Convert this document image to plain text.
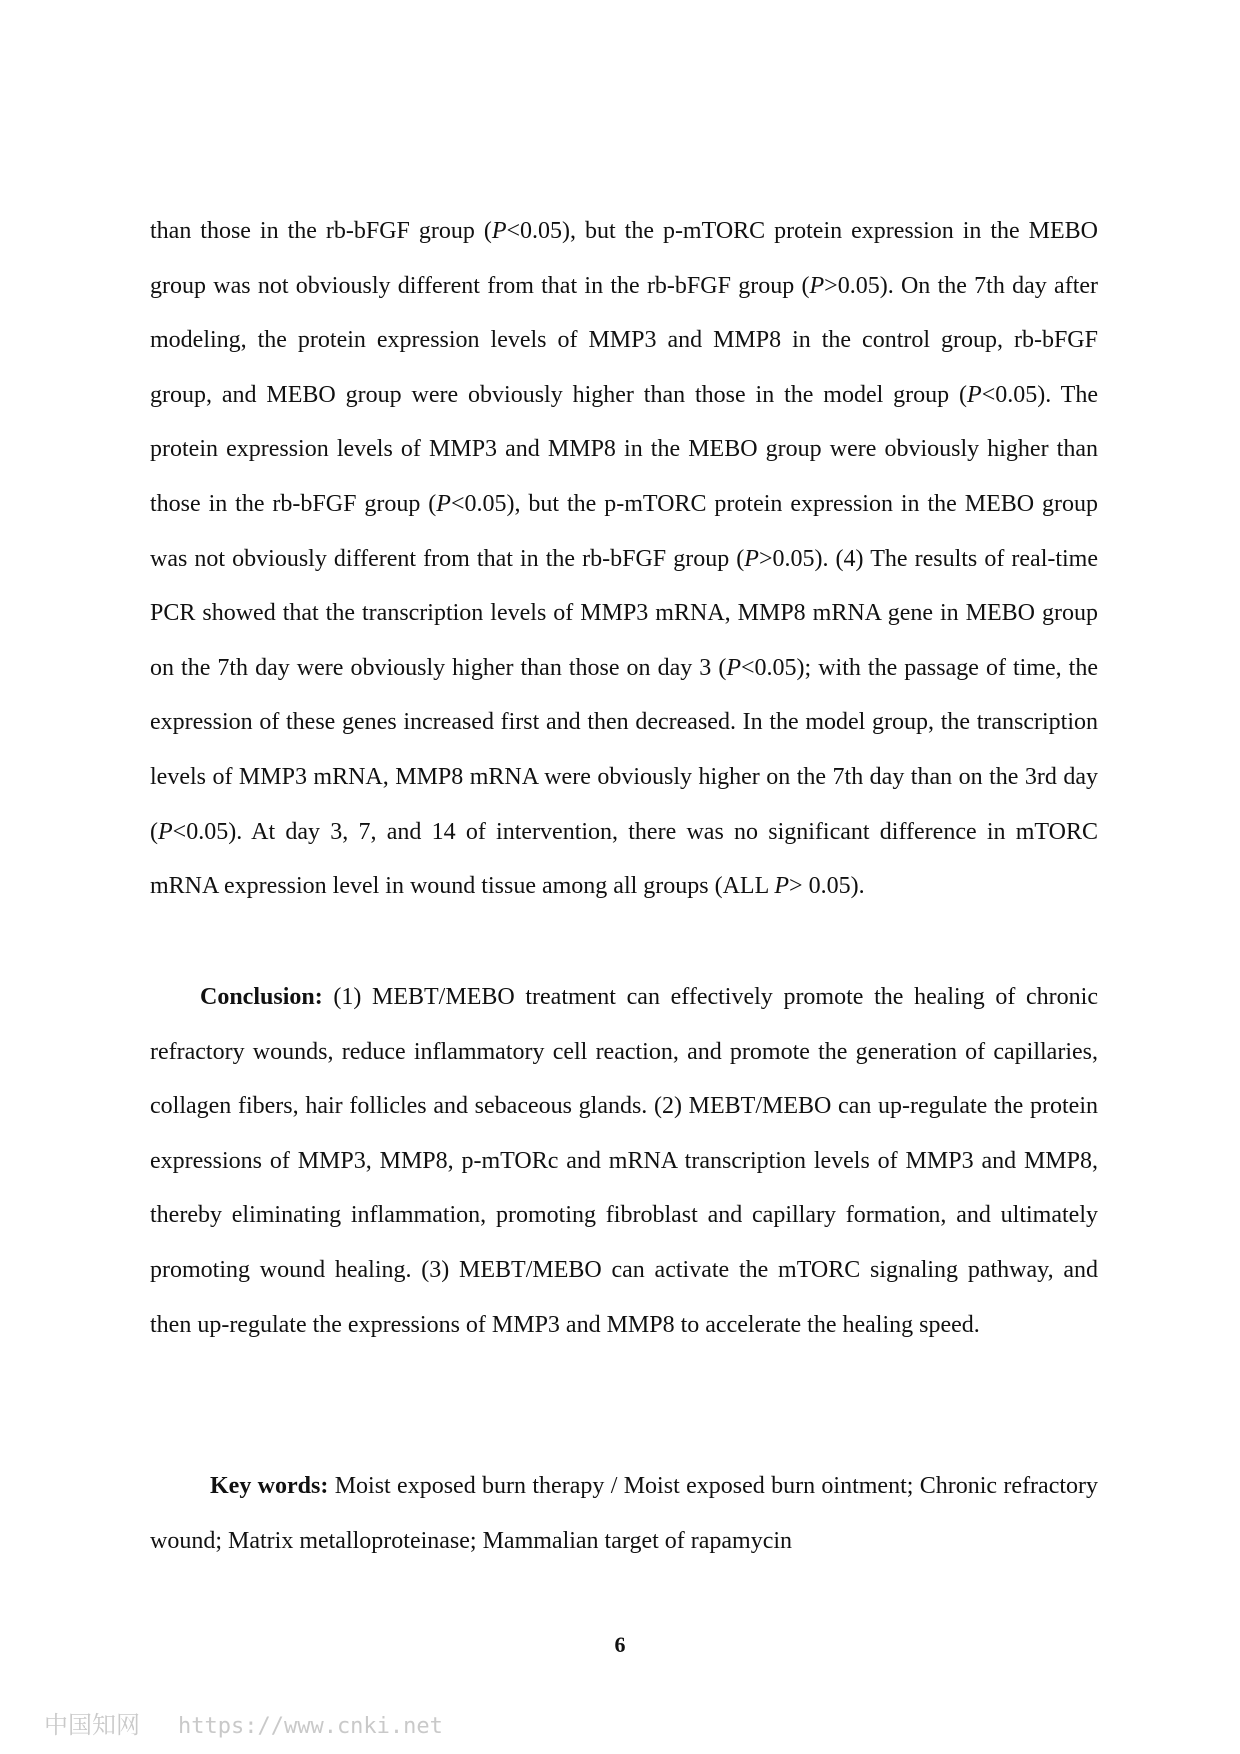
than those in the rb-bFGF group (P<0.05), but the p-mTORC protein expression in the MEBO group was not obviously different from that in the rb-bFGF group (P>0.05). On the 7th day after modeling, the protein expression levels of MMP3 and MMP8 in the control group, rb-bFGF group, and MEBO group were obviously higher than those in the model group (P<0.05). The protein expression levels of MMP3 and MMP8 in the MEBO group were obviously higher than those in the rb-bFGF group (P<0.05), but the p-mTORC protein expression in the MEBO group was not obviously different from that in the rb-bFGF group (P>0.05). (4) The results of real-time PCR showed that the transcription levels of MMP3 mRNA, MMP8 mRNA gene in MEBO group on the 7th day were obviously higher than those on day 3 (P<0.05); with the passage of time, the expression of these genes increased first and then decreased. In the model group, the transcription levels of MMP3 mRNA, MMP8 mRNA were obviously higher on the 7th day than on the 3rd day (P<0.05). At day 3, 7, and 14 of intervention, there was no significant difference in mTORC mRNA expression level in wound tissue among all groups (ALL P> 0.05).

Conclusion: (1) MEBT/MEBO treatment can effectively promote the healing of chronic refractory wounds, reduce inflammatory cell reaction, and promote the generation of capillaries, collagen fibers, hair follicles and sebaceous glands. (2) MEBT/MEBO can up-regulate the protein expressions of MMP3, MMP8, p-mTORc and mRNA transcription levels of MMP3 and MMP8, thereby eliminating inflammation, promoting fibroblast and capillary formation, and ultimately promoting wound healing. (3) MEBT/MEBO can activate the mTORC signaling pathway, and then up-regulate the expressions of MMP3 and MMP8 to accelerate the healing speed.

Key words: Moist exposed burn therapy / Moist exposed burn ointment; Chronic refractory wound; Matrix metalloproteinase; Mammalian target of rapamycin

6
中国知网 https://www.cnki.net
